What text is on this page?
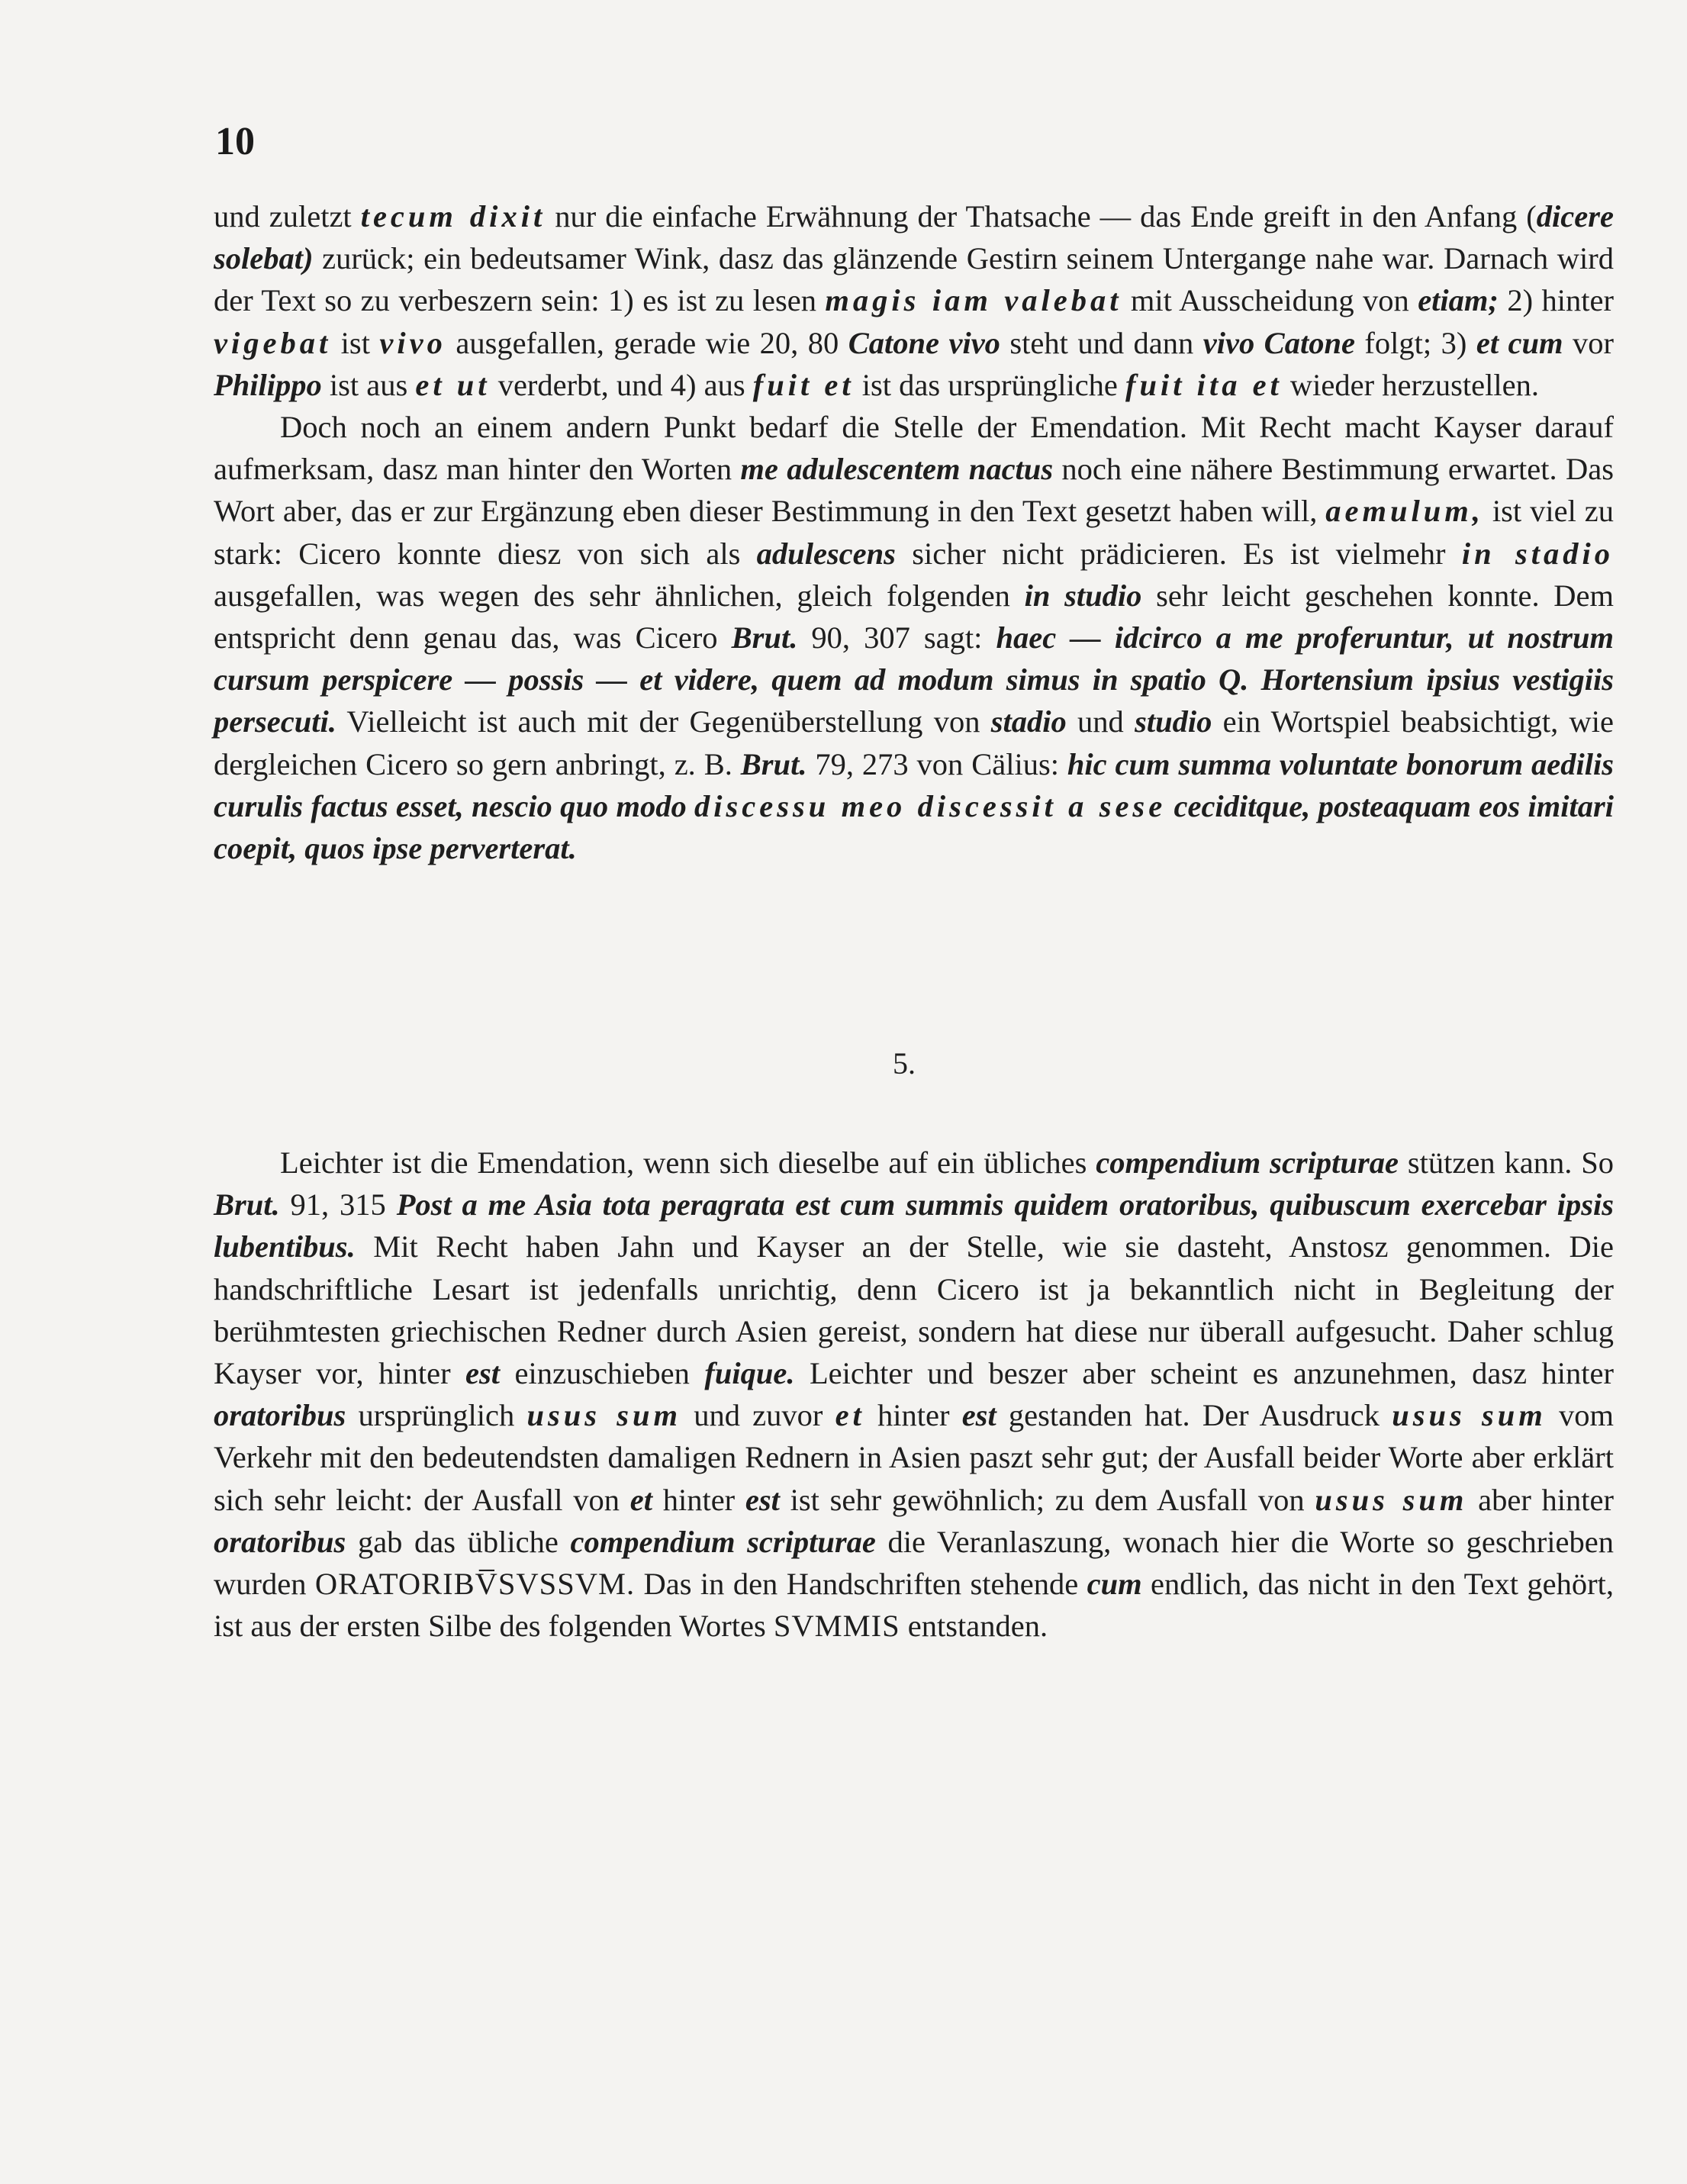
10

und zuletzt tecum dixit nur die einfache Erwähnung der Thatsache — das Ende greift in den Anfang (dicere solebat) zurück; ein bedeutsamer Wink, dasz das glänzende Gestirn seinem Untergange nahe war. Darnach wird der Text so zu verbeszern sein: 1) es ist zu lesen magis iam valebat mit Ausscheidung von etiam; 2) hinter vigebat ist vivo ausgefallen, gerade wie 20, 80 Catone vivo steht und dann vivo Catone folgt; 3) et cum vor Philippo ist aus et ut verderbt, und 4) aus fuit et ist das ursprüngliche fuit ita et wieder herzustellen.

Doch noch an einem andern Punkt bedarf die Stelle der Emendation. Mit Recht macht Kayser darauf aufmerksam, dasz man hinter den Worten me adulescentem nactus noch eine nähere Bestimmung erwartet. Das Wort aber, das er zur Ergänzung eben dieser Bestimmung in den Text gesetzt haben will, aemulum, ist viel zu stark: Cicero konnte diesz von sich als adulescens sicher nicht prädicieren. Es ist vielmehr in stadio ausgefallen, was wegen des sehr ähnlichen, gleich folgenden in studio sehr leicht geschehen konnte. Dem entspricht denn genau das, was Cicero Brut. 90, 307 sagt: haec — idcirco a me proferuntur, ut nostrum cursum perspicere — possis — et videre, quem ad modum simus in spatio Q. Hortensium ipsius vestigiis persecuti. Vielleicht ist auch mit der Gegenüberstellung von stadio und studio ein Wortspiel beabsichtigt, wie dergleichen Cicero so gern anbringt, z. B. Brut. 79, 273 von Cälius: hic cum summa voluntate bonorum aedilis curulis factus esset, nescio quo modo discessu meo discessit a sese ceciditque, posteaquam eos imitari coepit, quos ipse perverterat.

5.

Leichter ist die Emendation, wenn sich dieselbe auf ein übliches compendium scripturae stützen kann. So Brut. 91, 315 Post a me Asia tota peragrata est cum summis quidem oratoribus, quibuscum exercebar ipsis lubentibus. Mit Recht haben Jahn und Kayser an der Stelle, wie sie dasteht, Anstosz genommen. Die handschriftliche Lesart ist jedenfalls unrichtig, denn Cicero ist ja bekanntlich nicht in Begleitung der berühmtesten griechischen Redner durch Asien gereist, sondern hat diese nur überall aufgesucht. Daher schlug Kayser vor, hinter est einzuschieben fuique. Leichter und beszer aber scheint es anzunehmen, dasz hinter oratoribus ursprünglich usus sum und zuvor et hinter est gestanden hat. Der Ausdruck usus sum vom Verkehr mit den bedeutendsten damaligen Rednern in Asien paszt sehr gut; der Ausfall beider Worte aber erklärt sich sehr leicht: der Ausfall von et hinter est ist sehr gewöhnlich; zu dem Ausfall von usus sum aber hinter oratoribus gab das übliche compendium scripturae die Veranlaszung, wonach hier die Worte so geschrieben wurden ORATORIBV̅SVSSVM. Das in den Handschriften stehende cum endlich, das nicht in den Text gehört, ist aus der ersten Silbe des folgenden Wortes SVMMIS entstanden.
